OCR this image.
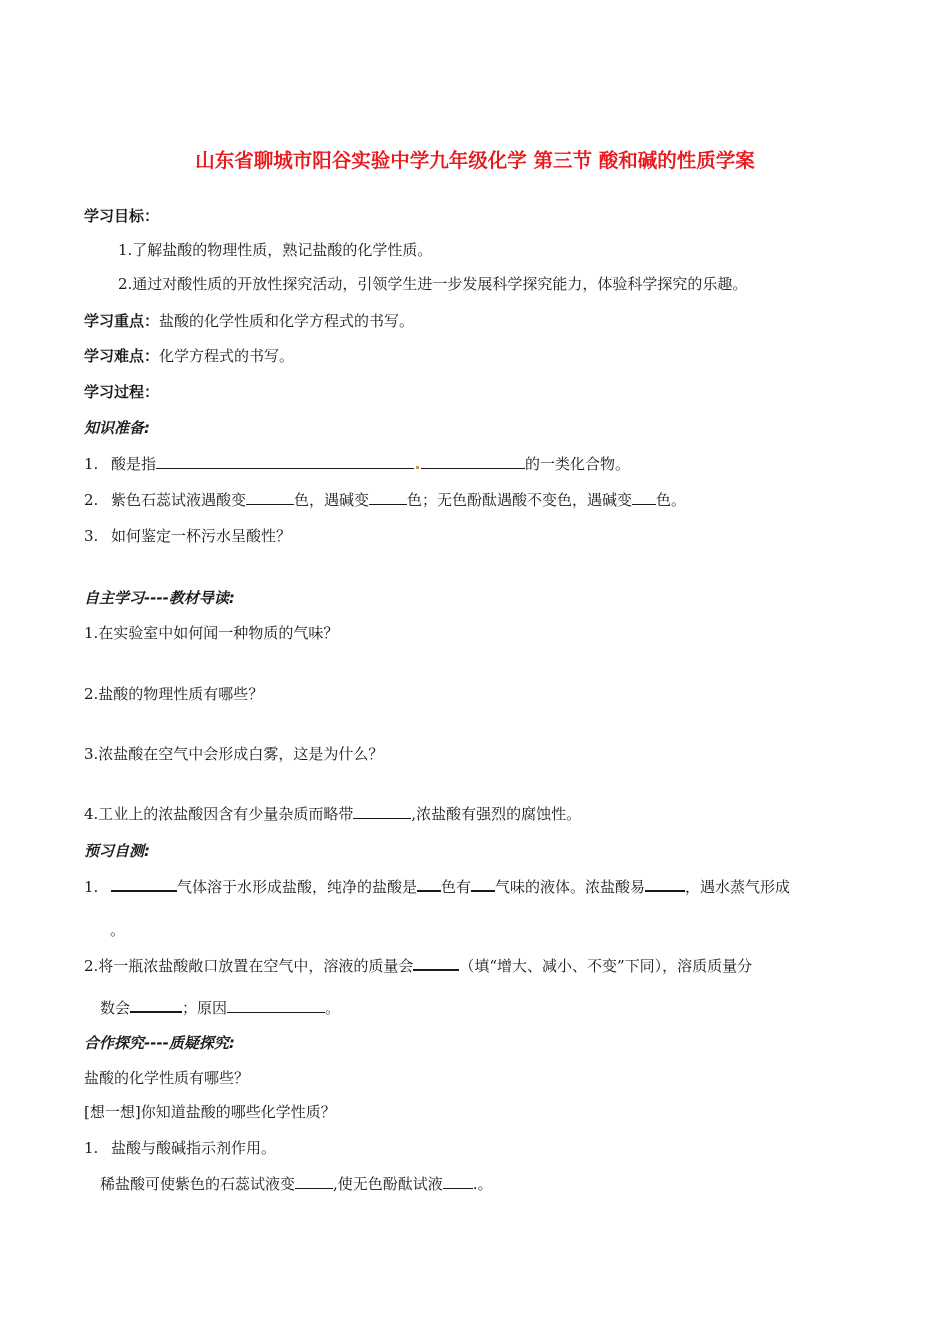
山东省聊城市阳谷实验中学九年级化学 第三节 酸和碱的性质学案
学习目标：
1.了解盐酸的物理性质，熟记盐酸的化学性质。
2.通过对酸性质的开放性探究活动，引领学生进一步发展科学探究能力，体验科学探究的乐趣。
学习重点：盐酸的化学性质和化学方程式的书写。
学习难点：化学方程式的书写。
学习过程：
知识准备:
1. 酸是指	的一类化合物。
2. 紫色石蕊试液遇酸变	色，遇碱变	色；无色酚酞遇酸不变色，遇碱变 色。
3. 如何鉴定一杯污水呈酸性？
自主学习----教材导读:
1.在实验室中如何闻一种物质的气味？
2.盐酸的物理性质有哪些？
3.浓盐酸在空气中会形成白雾，这是为什么？
4.工业上的浓盐酸因含有少量杂质而略带	,浓盐酸有强烈的腐蚀性。
预习自测:
1.	气体溶于水形成盐酸，纯净的盐酸是 色有 气味的液体。浓盐酸易	，遇水蒸气形成
。
2.将一瓶浓盐酸敞口放置在空气中，溶液的质量会	（填“增大、减小、不变”下同），溶质质量分
数会	；原因	。
合作探究----质疑探究:
盐酸的化学性质有哪些？
[想一想]你知道盐酸的哪些化学性质？
1. 盐酸与酸碱指示剂作用。
稀盐酸可使紫色的石蕊试液变	,使无色酚酞试液 .。
